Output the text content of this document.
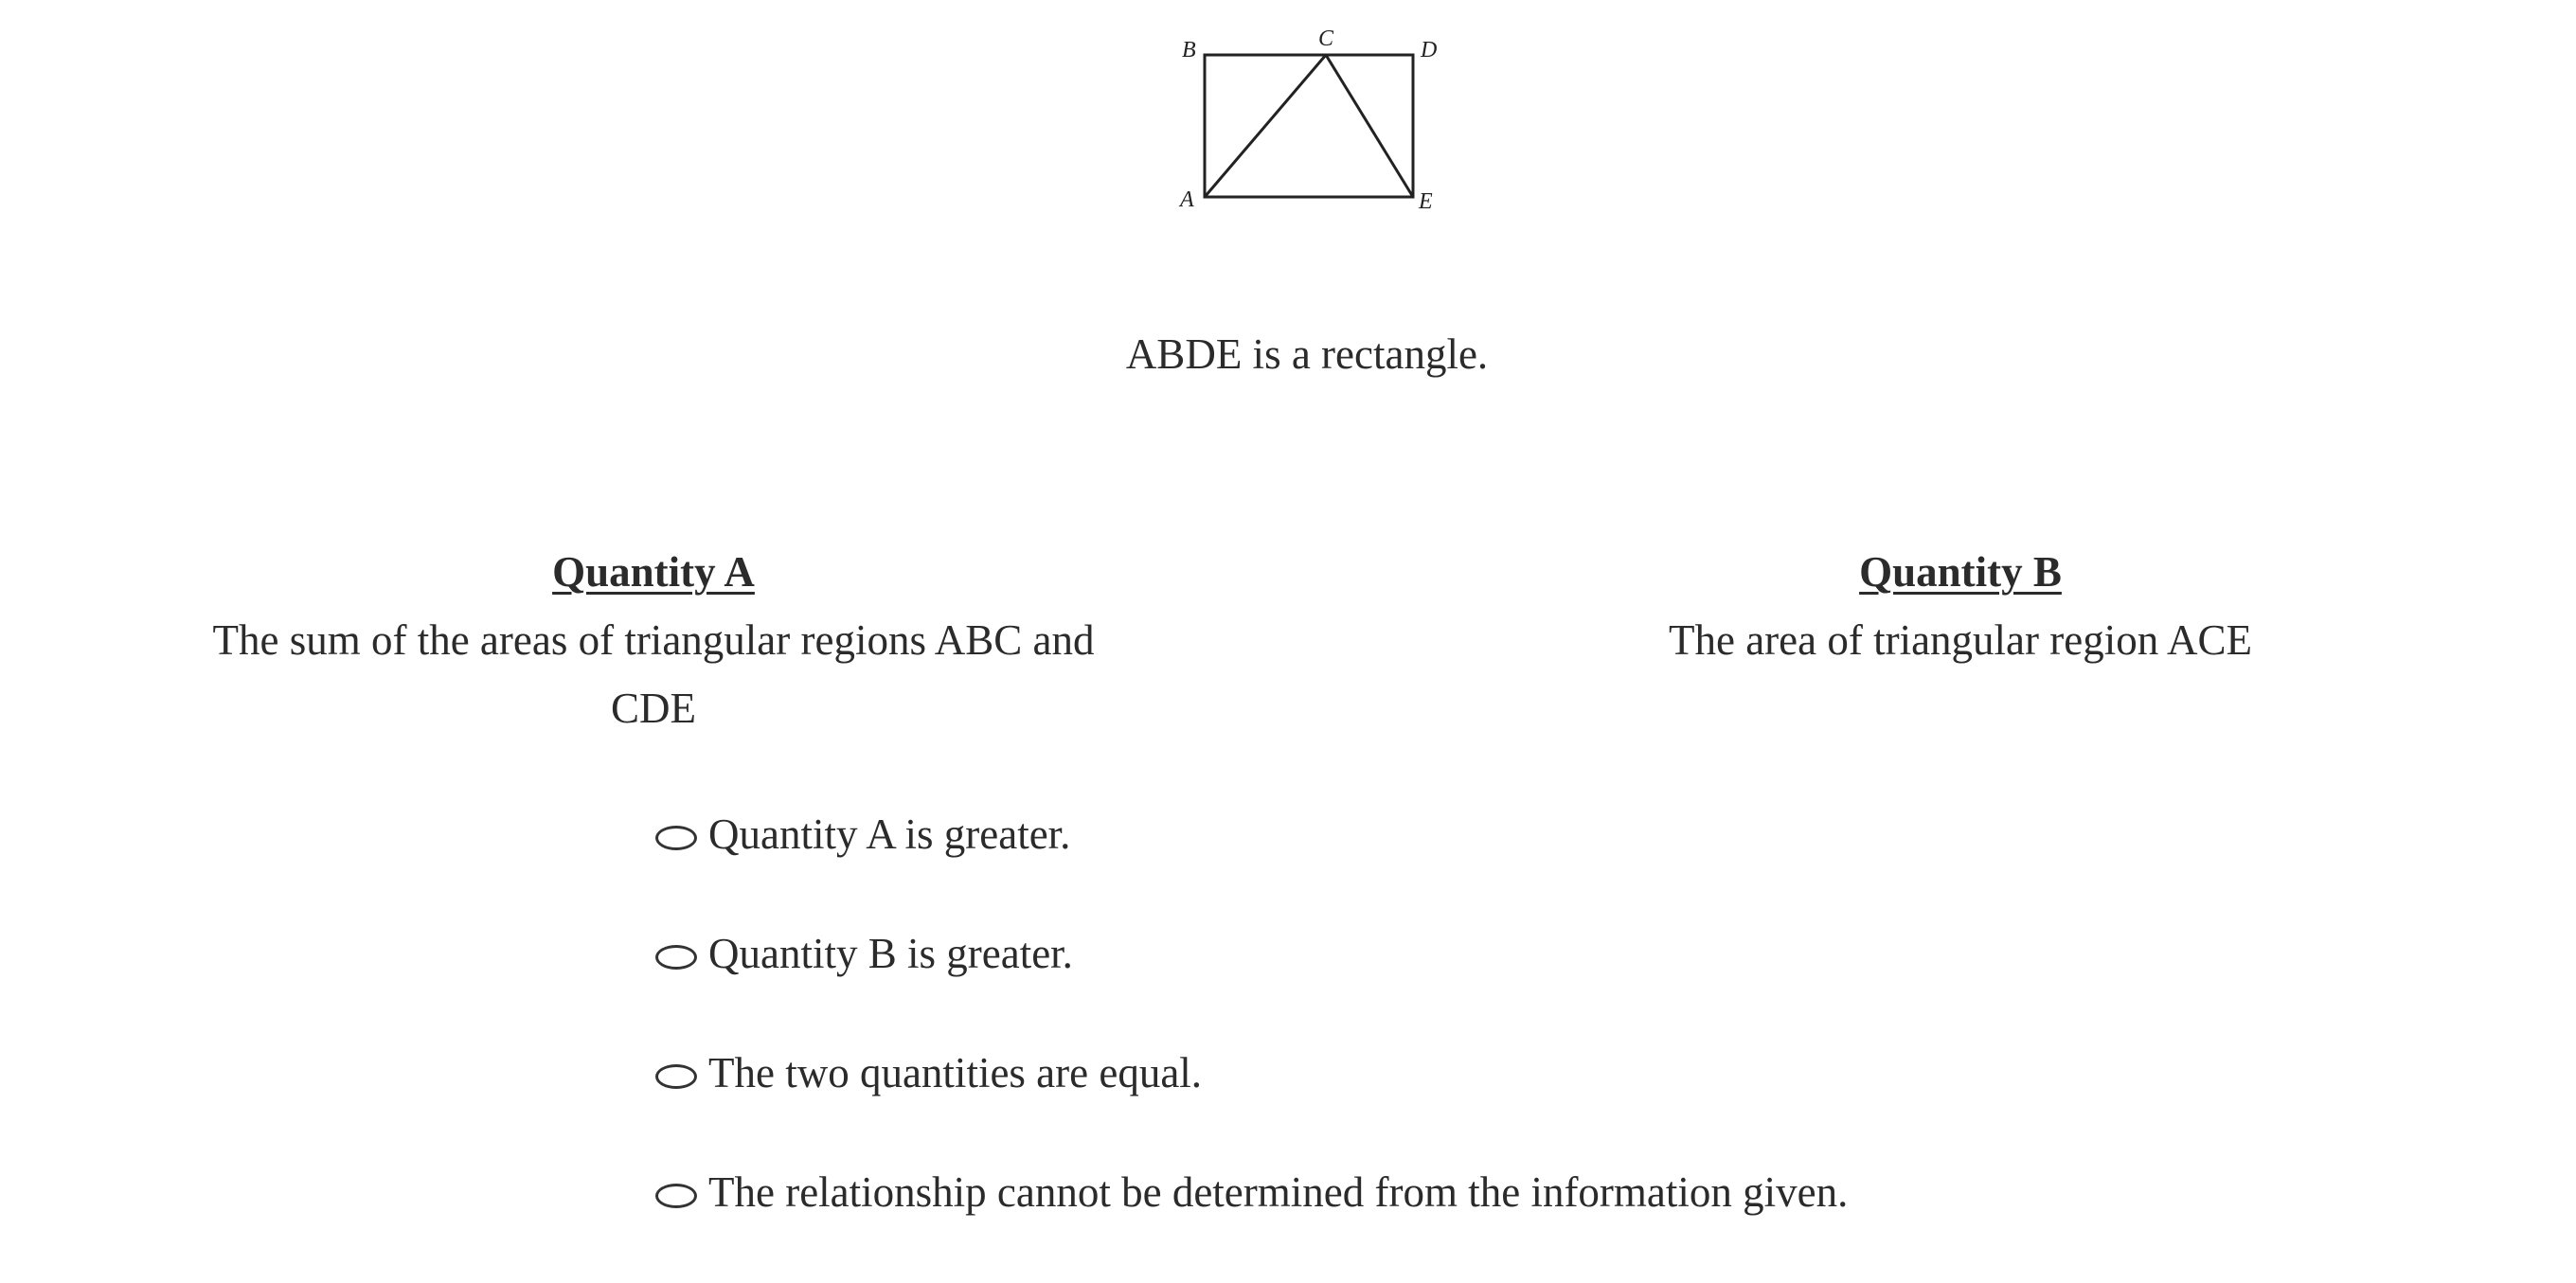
B	C	D
A	E
ABDE is a rectangle.
Quantity A
The sum of the areas of triangular regions ABC and CDE
Quantity B
The area of triangular region ACE
Quantity A is greater.
Quantity B is greater.
The two quantities are equal.
The relationship cannot be determined from the information given.
